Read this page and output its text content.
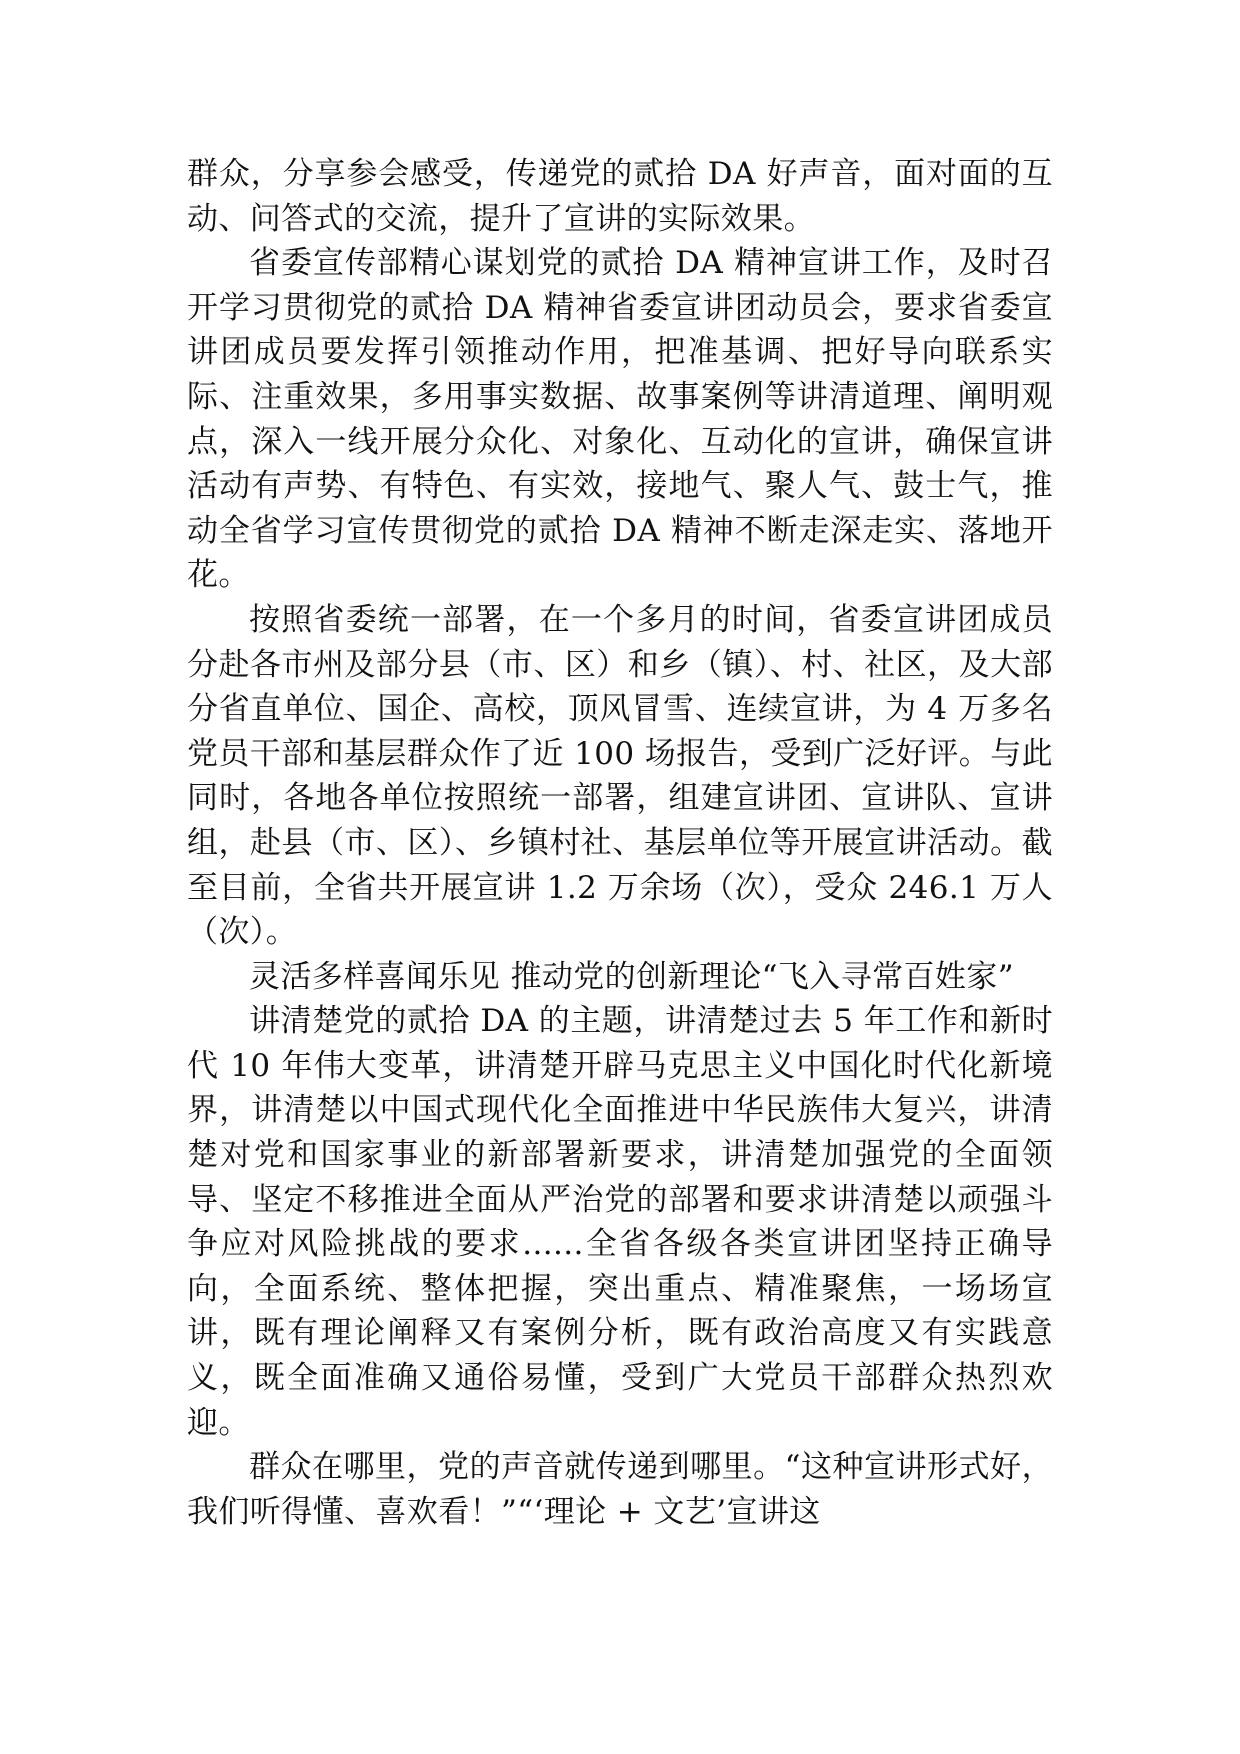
群众，分享参会感受，传递党的贰拾 DA 好声音，面对面的互动、问答式的交流，提升了宣讲的实际效果。

省委宣传部精心谋划党的贰拾 DA 精神宣讲工作，及时召开学习贯彻党的贰拾 DA 精神省委宣讲团动员会，要求省委宣讲团成员要发挥引领推动作用，把准基调、把好导向联系实际、注重效果，多用事实数据、故事案例等讲清道理、阐明观点，深入一线开展分众化、对象化、互动化的宣讲，确保宣讲活动有声势、有特色、有实效，接地气、聚人气、鼓士气，推动全省学习宣传贯彻党的贰拾 DA 精神不断走深走实、落地开花。

按照省委统一部署，在一个多月的时间，省委宣讲团成员分赴各市州及部分县（市、区）和乡（镇）、村、社区，及大部分省直单位、国企、高校，顶风冒雪、连续宣讲，为 4 万多名党员干部和基层群众作了近 100 场报告，受到广泛好评。与此同时，各地各单位按照统一部署，组建宣讲团、宣讲队、宣讲组，赴县（市、区）、乡镇村社、基层单位等开展宣讲活动。截至目前，全省共开展宣讲 1.2 万余场（次），受众 246.1 万人（次）。

灵活多样喜闻乐见 推动党的创新理论“飞入寻常百姓家”

讲清楚党的贰拾 DA 的主题，讲清楚过去 5 年工作和新时代 10 年伟大变革，讲清楚开辟马克思主义中国化时代化新境界，讲清楚以中国式现代化全面推进中华民族伟大复兴，讲清楚对党和国家事业的新部署新要求，讲清楚加强党的全面领导、坚定不移推进全面从严治党的部署和要求讲清楚以顽强斗争应对风险挑战的要求......全省各级各类宣讲团坚持正确导向，全面系统、整体把握，突出重点、精准聚焦，一场场宣讲，既有理论阐释又有案例分析，既有政治高度又有实践意义，既全面准确又通俗易懂，受到广大党员干部群众热烈欢迎。

群众在哪里，党的声音就传递到哪里。“这种宣讲形式好，我们听得懂、喜欢看！”“‘理论 + 文艺’宣讲这
